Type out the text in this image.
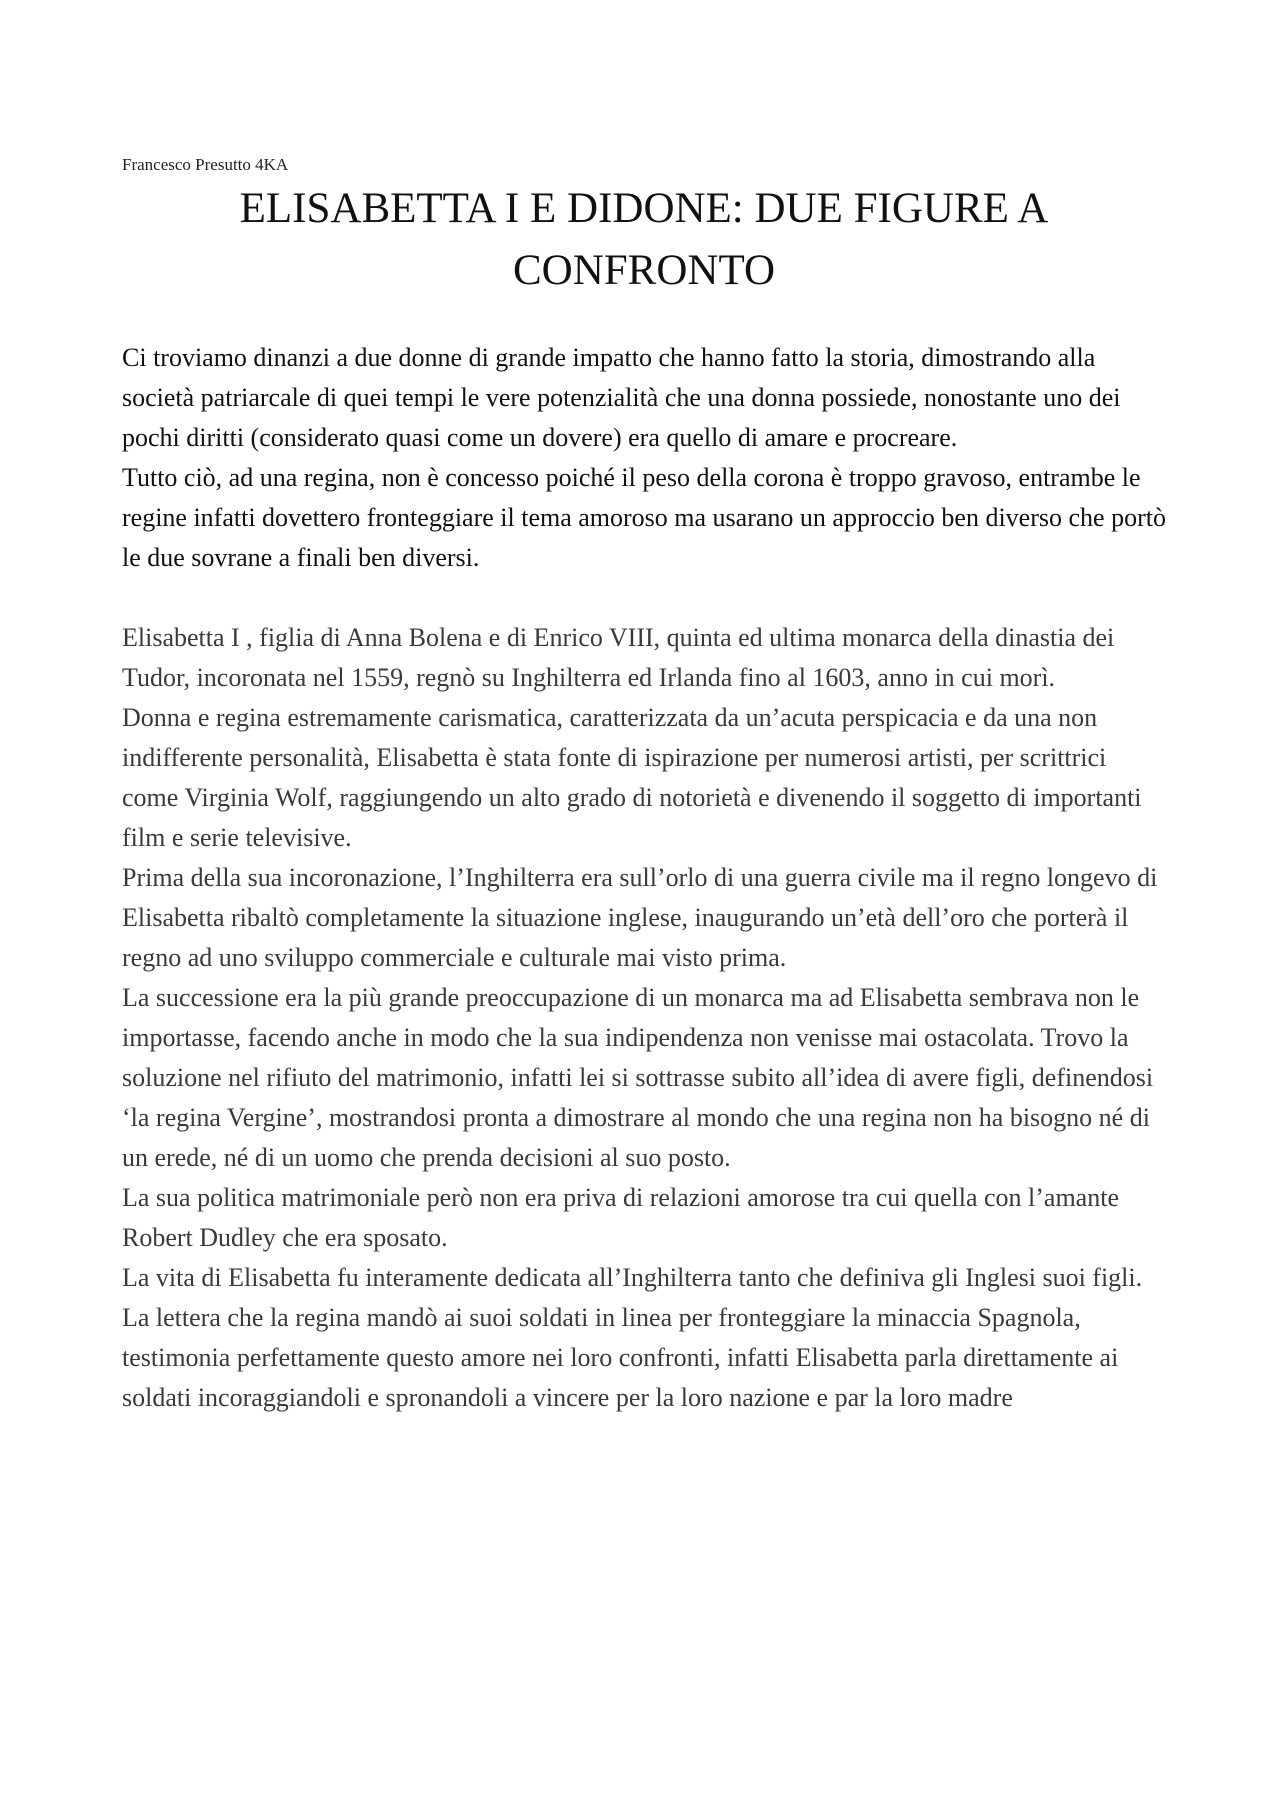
Francesco Presutto 4KA

ELISABETTA I E DIDONE: DUE FIGURE A
CONFRONTO

Ci troviamo dinanzi a due donne di grande impatto che hanno fatto la storia, dimostrando alla società patriarcale di quei tempi le vere potenzialità che una donna possiede, nonostante uno dei pochi diritti (considerato quasi come un dovere) era quello di amare e procreare.

Tutto ciò, ad una regina, non è concesso poiché il peso della corona è troppo gravoso, entrambe le regine infatti dovettero fronteggiare il tema amoroso ma usarano un approccio ben diverso che portò le due sovrane a finali ben diversi.

Elisabetta I , figlia di Anna Bolena e di Enrico VIII, quinta ed ultima monarca della dinastia dei Tudor, incoronata nel 1559, regnò su Inghilterra ed Irlanda fino al 1603, anno in cui morì.

Donna e regina estremamente carismatica, caratterizzata da un’acuta perspicacia e da una non indifferente personalità, Elisabetta è stata fonte di ispirazione per numerosi artisti, per scrittrici come Virginia Wolf, raggiungendo un alto grado di notorietà e divenendo il soggetto di importanti film e serie televisive.

Prima della sua incoronazione, l’Inghilterra era sull’orlo di una guerra civile ma il regno longevo di Elisabetta ribaltò completamente la situazione inglese, inaugurando un’età dell’oro che porterà il regno ad uno sviluppo commerciale e culturale mai visto prima.

La successione era la più grande preoccupazione di un monarca ma ad Elisabetta sembrava non le importasse, facendo anche in modo che la sua indipendenza non venisse mai ostacolata. Trovo la soluzione nel rifiuto del matrimonio, infatti lei si sottrasse subito all’idea di avere figli, definendosi ‘la regina Vergine’, mostrandosi pronta a dimostrare al mondo che una regina non ha bisogno né di un erede, né di un uomo che prenda decisioni al suo posto.

La sua politica matrimoniale però non era priva di relazioni amorose tra cui quella con l’amante Robert Dudley che era sposato.

La vita di Elisabetta fu interamente dedicata all’Inghilterra tanto che definiva gli Inglesi suoi figli. La lettera che la regina mandò ai suoi soldati in linea per fronteggiare la minaccia Spagnola, testimonia perfettamente questo amore nei loro confronti, infatti Elisabetta parla direttamente ai soldati incoraggiandoli e spronandoli a vincere per la loro nazione e par la loro madre
